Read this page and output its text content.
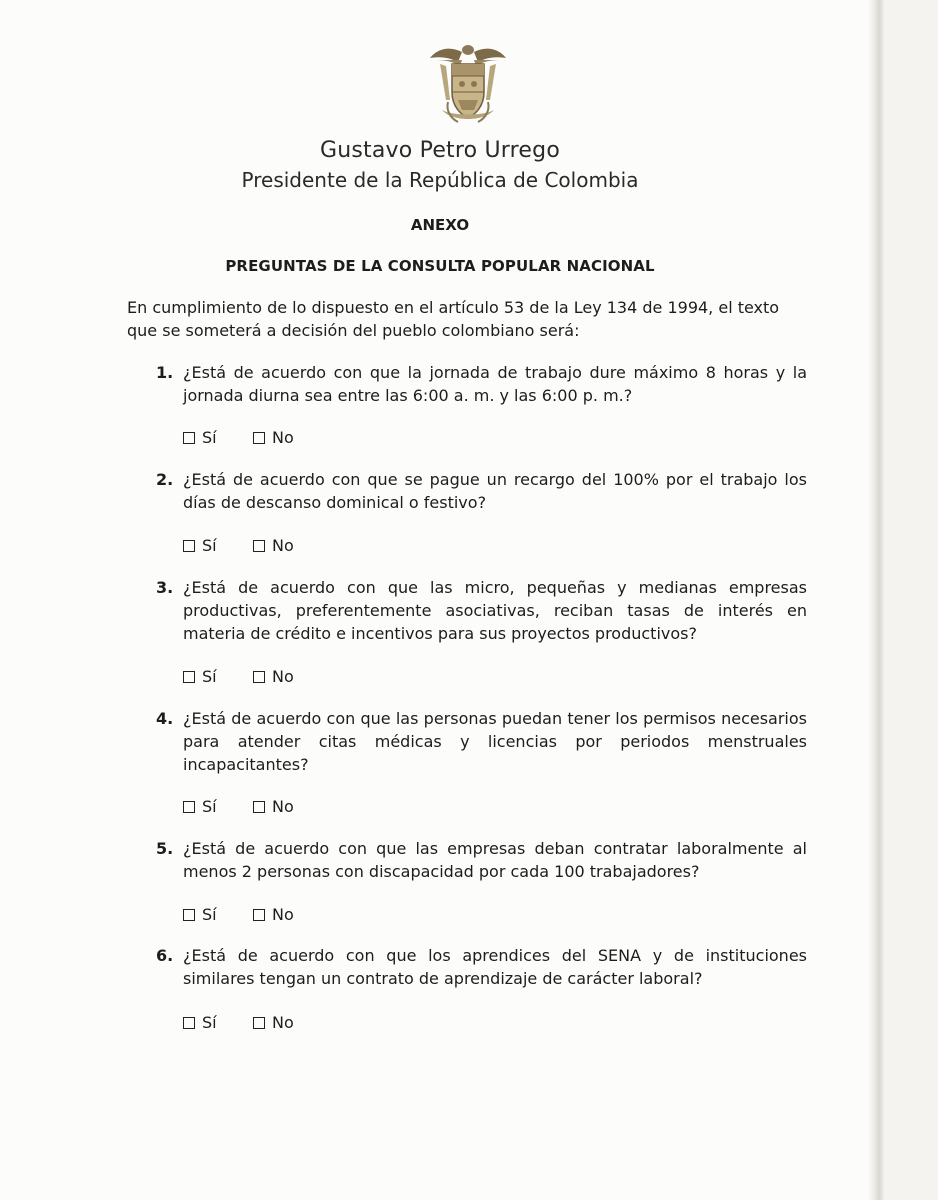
Gustavo Petro Urrego
Presidente de la República de Colombia
ANEXO
PREGUNTAS DE LA CONSULTA POPULAR NACIONAL
En cumplimiento de lo dispuesto en el artículo 53 de la Ley 134 de 1994, el texto que se someterá a decisión del pueblo colombiano será:
1. ¿Está de acuerdo con que la jornada de trabajo dure máximo 8 horas y la jornada diurna sea entre las 6:00 a. m. y las 6:00 p. m.?
Sí	No
2. ¿Está de acuerdo con que se pague un recargo del 100% por el trabajo los días de descanso dominical o festivo?
Sí	No
3. ¿Está de acuerdo con que las micro, pequeñas y medianas empresas productivas, preferentemente asociativas, reciban tasas de interés en materia de crédito e incentivos para sus proyectos productivos?
Sí	No
4. ¿Está de acuerdo con que las personas puedan tener los permisos necesarios para atender citas médicas y licencias por periodos menstruales incapacitantes?
Sí	No
5. ¿Está de acuerdo con que las empresas deban contratar laboralmente al menos 2 personas con discapacidad por cada 100 trabajadores?
Sí	No
6. ¿Está de acuerdo con que los aprendices del SENA y de instituciones similares tengan un contrato de aprendizaje de carácter laboral?
Sí	No
